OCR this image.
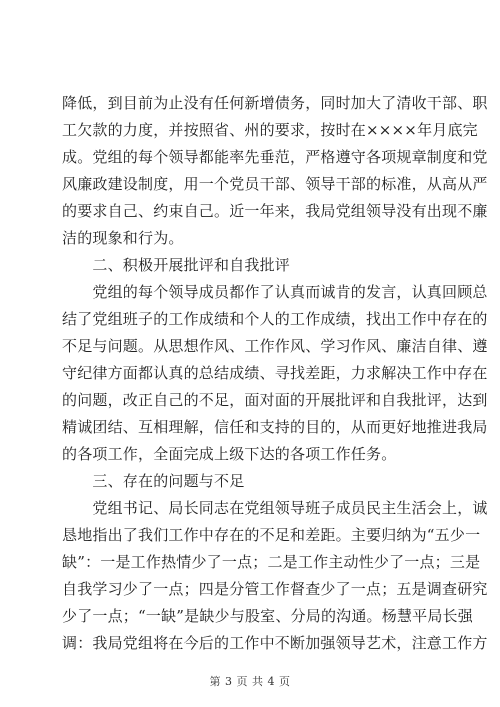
降低，到目前为止没有任何新增债务，同时加大了清收干部、职
工欠款的力度，并按照省、州的要求，按时在××××年月底完
成。党组的每个领导都能率先垂范，严格遵守各项规章制度和党
风廉政建设制度，用一个党员干部、领导干部的标准，从高从严
的要求自己、约束自己。近一年来，我局党组领导没有出现不廉
洁的现象和行为。
　　二、积极开展批评和自我批评
　　党组的每个领导成员都作了认真而诚肯的发言，认真回顾总
结了党组班子的工作成绩和个人的工作成绩，找出工作中存在的
不足与问题。从思想作风、工作作风、学习作风、廉洁自律、遵
守纪律方面都认真的总结成绩、寻找差距，力求解决工作中存在
的问题，改正自己的不足，面对面的开展批评和自我批评，达到
精诚团结、互相理解，信任和支持的目的，从而更好地推进我局
的各项工作，全面完成上级下达的各项工作任务。
　　三、存在的问题与不足
　　党组书记、局长同志在党组领导班子成员民主生活会上，诚
恳地指出了我们工作中存在的不足和差距。主要归纳为“五少一
缺”：一是工作热情少了一点；二是工作主动性少了一点；三是
自我学习少了一点；四是分管工作督查少了一点；五是调查研究
少了一点；“一缺”是缺少与股室、分局的沟通。杨慧平局长强
调：我局党组将在今后的工作中不断加强领导艺术，注意工作方
第 3 页 共 4 页
